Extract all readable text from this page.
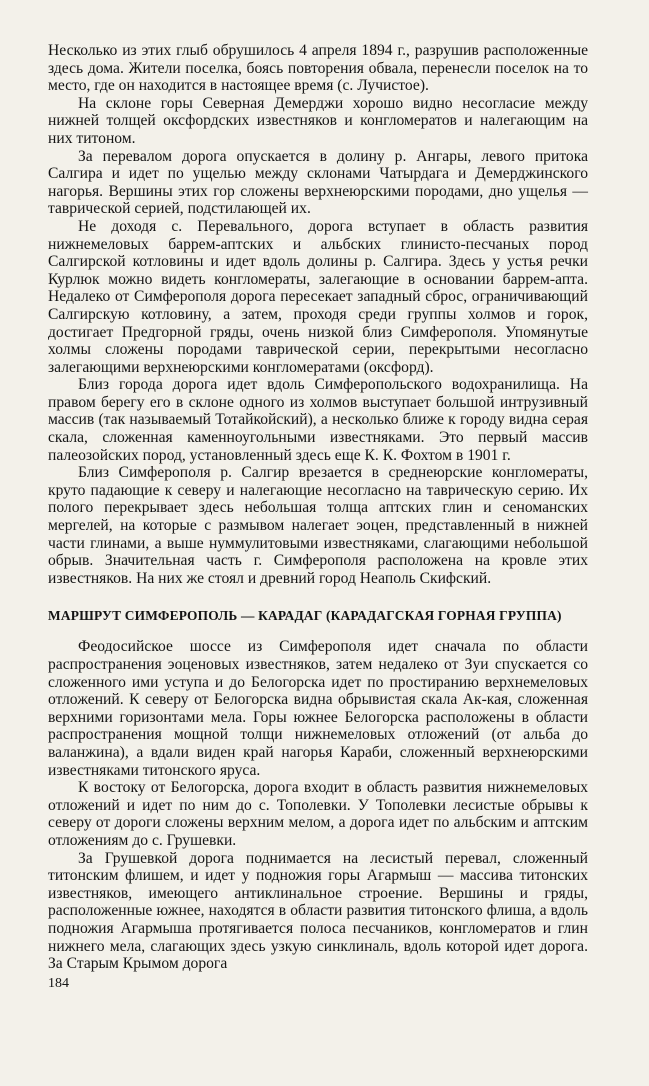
Несколько из этих глыб обрушилось 4 апреля 1894 г., разрушив расположенные здесь дома. Жители поселка, боясь повторения обвала, перенесли поселок на то место, где он находится в настоящее время (с. Лучистое).

На склоне горы Северная Демерджи хорошо видно несогласие между нижней толщей оксфордских известняков и конгломератов и налегающим на них титоном.

За перевалом дорога опускается в долину р. Ангары, левого притока Салгира и идет по ущелью между склонами Чатырдага и Демерджинского нагорья. Вершины этих гор сложены верхнеюрскими породами, дно ущелья — таврической серией, подстилающей их.

Не доходя с. Перевального, дорога вступает в область развития нижнемеловых баррем-аптских и альбских глинисто-песчаных пород Салгирской котловины и идет вдоль долины р. Салгира. Здесь у устья речки Курлюк можно видеть конгломераты, залегающие в основании баррем-апта. Недалеко от Симферополя дорога пересекает западный сброс, ограничивающий Салгирскую котловину, а затем, проходя среди группы холмов и горок, достигает Предгорной гряды, очень низкой близ Симферополя. Упомянутые холмы сложены породами таврической серии, перекрытыми несогласно залегающими верхнеюрскими конгломератами (оксфорд).

Близ города дорога идет вдоль Симферопольского водохранилища. На правом берегу его в склоне одного из холмов выступает большой интрузивный массив (так называемый Тотайкойский), а несколько ближе к городу видна серая скала, сложенная каменноугольными известняками. Это первый массив палеозойских пород, установленный здесь еще К. К. Фохтом в 1901 г.

Близ Симферополя р. Салгир врезается в среднеюрские конгломераты, круто падающие к северу и налегающие несогласно на таврическую серию. Их полого перекрывает здесь небольшая толща аптских глин и сеноманских мергелей, на которые с размывом налегает эоцен, представленный в нижней части глинами, а выше нуммулитовыми известняками, слагающими небольшой обрыв. Значительная часть г. Симферополя расположена на кровле этих известняков. На них же стоял и древний город Неаполь Скифский.

МАРШРУТ СИМФЕРОПОЛЬ — КАРАДАГ (КАРАДАГСКАЯ ГОРНАЯ ГРУППА)

Феодосийское шоссе из Симферополя идет сначала по области распространения эоценовых известняков, затем недалеко от Зуи спускается со сложенного ими уступа и до Белогорска идет по простиранию верхнемеловых отложений. К северу от Белогорска видна обрывистая скала Ак-кая, сложенная верхними горизонтами мела. Горы южнее Белогорска расположены в области распространения мощной толщи нижнемеловых отложений (от альба до валанжина), а вдали виден край нагорья Караби, сложенный верхнеюрскими известняками титонского яруса.

К востоку от Белогорска, дорога входит в область развития нижнемеловых отложений и идет по ним до с. Тополевки. У Тополевки лесистые обрывы к северу от дороги сложены верхним мелом, а дорога идет по альбским и аптским отложениям до с. Грушевки.

За Грушевкой дорога поднимается на лесистый перевал, сложенный титонским флишем, и идет у подножия горы Агармыш — массива титонских известняков, имеющего антиклинальное строение. Вершины и гряды, расположенные южнее, находятся в области развития титонского флиша, а вдоль подножия Агармыша протягивается полоса песчаников, конгломератов и глин нижнего мела, слагающих здесь узкую синклиналь, вдоль которой идет дорога. За Старым Крымом дорога

184
